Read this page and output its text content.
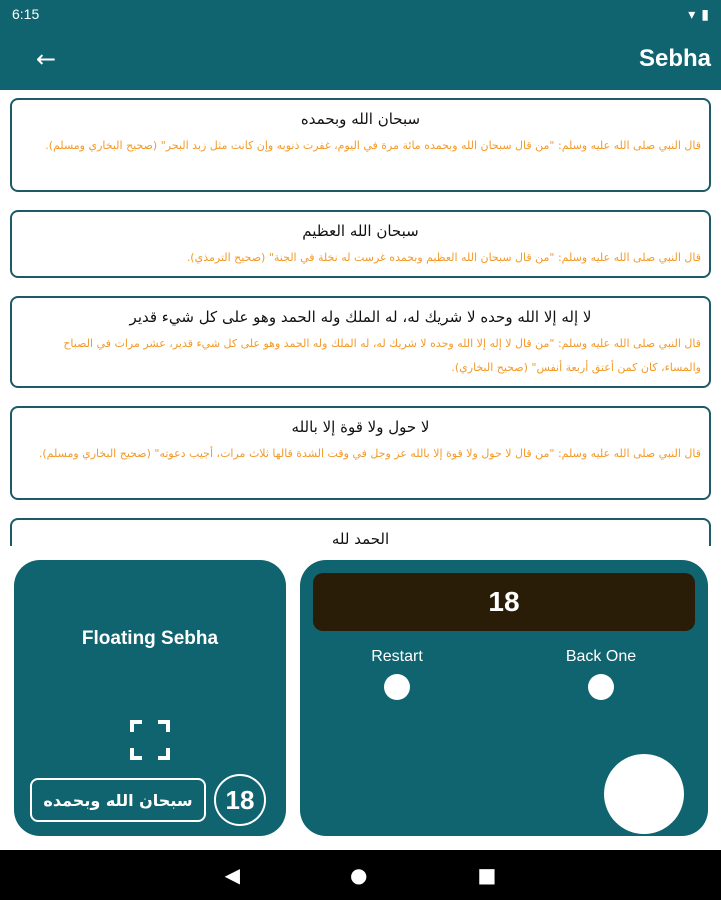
6:15	▾ ▮
←	Sebha
سبحان الله وبحمده
قال النبي صلى الله عليه وسلم: "من قال سبحان الله وبحمده مائة مرة في اليوم، غفرت ذنوبه وإن كانت مثل زبد البحر" (صحيح البخاري ومسلم).
سبحان الله العظيم
قال النبي صلى الله عليه وسلم: "من قال سبحان الله العظيم وبحمده غرست له نخلة في الجنة" (صحيح الترمذي).
لا إله إلا الله وحده لا شريك له، له الملك وله الحمد وهو على كل شيء قدير
قال النبي صلى الله عليه وسلم: "من قال لا إله إلا الله وحده لا شريك له، له الملك وله الحمد وهو على كل شيء قدير، عشر مرات في الصباح والمساء، كان كمن أعتق أربعة أنفس" (صحيح البخاري).
لا حول ولا قوة إلا بالله
قال النبي صلى الله عليه وسلم: "من قال لا حول ولا قوة إلا بالله عز وجل في وقت الشدة قالها ثلاث مرات، أجيب دعوته" (صحيح البخاري ومسلم).
الحمد لله
Floating Sebha
18
سبحان الله وبحمده
18
Restart	Back One
◀	●	■
